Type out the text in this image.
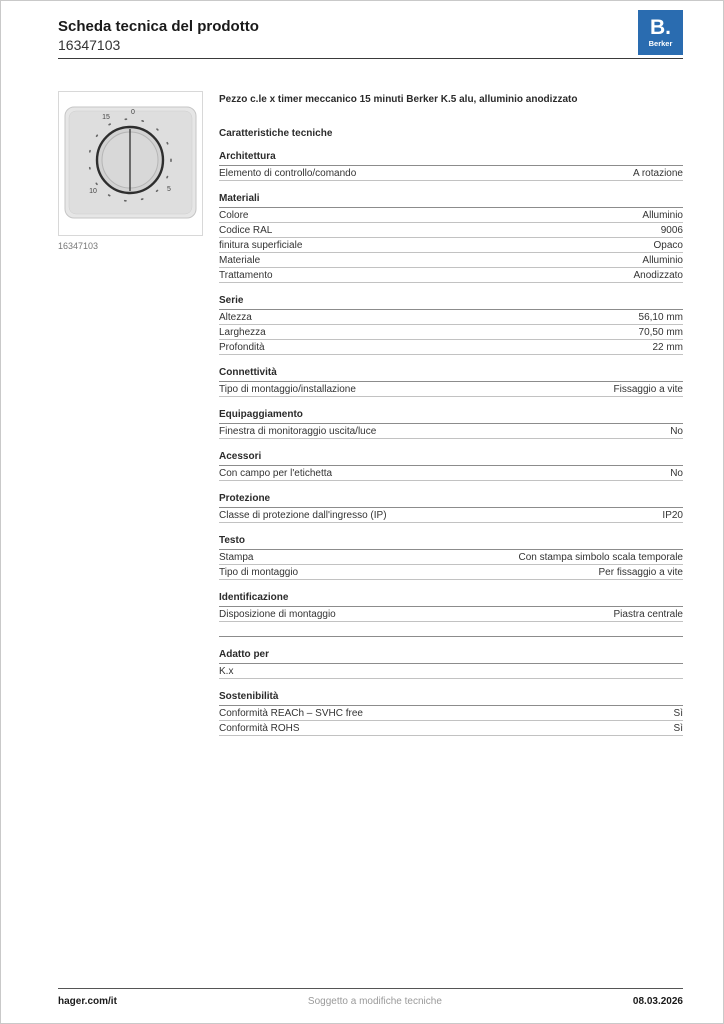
Scheda tecnica del prodotto
16347103
B.
Berker
0
15
5
10
16347103
Pezzo c.le x timer meccanico 15 minuti Berker K.5 alu, alluminio anodizzato
Caratteristiche tecniche
Architettura
Elemento di controllo/comando	A rotazione
Materiali
Colore	Alluminio
Codice RAL	9006
finitura superficiale	Opaco
Materiale	Alluminio
Trattamento	Anodizzato
Serie
Altezza	56,10 mm
Larghezza	70,50 mm
Profondità	22 mm
Connettività
Tipo di montaggio/installazione	Fissaggio a vite
Equipaggiamento
Finestra di monitoraggio uscita/luce	No
Acessori
Con campo per l'etichetta	No
Protezione
Classe di protezione dall'ingresso (IP)	IP20
Testo
Stampa	Con stampa simbolo scala temporale
Tipo di montaggio	Per fissaggio a vite
Identificazione
Disposizione di montaggio	Piastra centrale
Adatto per
K.x
Sostenibilità
Conformità REACh – SVHC free	Sì
Conformità ROHS	Sì
hager.com/it	Soggetto a modifiche tecniche	08.03.2026
